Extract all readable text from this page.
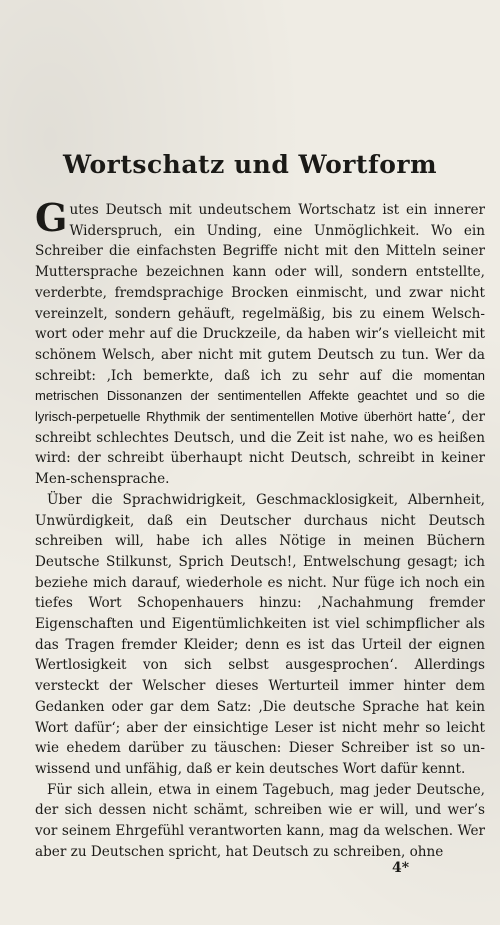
Wortschatz und Wortform

Gutes Deutsch mit undeutschem Wortschatz ist ein innerer Widerspruch, ein Unding, eine Unmöglichkeit. Wo ein Schreiber die einfachsten Begriffe nicht mit den Mitteln seiner Muttersprache bezeichnen kann oder will, sondern entstellte, verderbte, fremdsprachige Brocken einmischt, und zwar nicht vereinzelt, sondern gehäuft, regelmäßig, bis zu einem Welsch-wort oder mehr auf die Druckzeile, da haben wir’s vielleicht mit schönem Welsch, aber nicht mit gutem Deutsch zu tun. Wer da schreibt: ‚Ich bemerkte, daß ich zu sehr auf die momentan metrischen Dissonanzen der sentimentellen Affekte geachtet und so die lyrisch-perpetuelle Rhythmik der sentimentellen Motive überhört hatte‘, der schreibt schlechtes Deutsch, und die Zeit ist nahe, wo es heißen wird: der schreibt überhaupt nicht Deutsch, schreibt in keiner Men-schensprache.

Über die Sprachwidrigkeit, Geschmacklosigkeit, Albernheit, Unwürdigkeit, daß ein Deutscher durchaus nicht Deutsch schreiben will, habe ich alles Nötige in meinen Büchern Deutsche Stilkunst, Sprich Deutsch!, Entwelschung gesagt; ich beziehe mich darauf, wiederhole es nicht. Nur füge ich noch ein tiefes Wort Schopenhauers hinzu: ‚Nachahmung fremder Eigenschaften und Eigentümlichkeiten ist viel schimpflicher als das Tragen fremder Kleider; denn es ist das Urteil der eignen Wertlosigkeit von sich selbst ausgesprochen‘. Allerdings versteckt der Welscher dieses Werturteil immer hinter dem Gedanken oder gar dem Satz: ‚Die deutsche Sprache hat kein Wort dafür‘; aber der einsichtige Leser ist nicht mehr so leicht wie ehedem darüber zu täuschen: Dieser Schreiber ist so un-wissend und unfähig, daß er kein deutsches Wort dafür kennt.

Für sich allein, etwa in einem Tagebuch, mag jeder Deutsche, der sich dessen nicht schämt, schreiben wie er will, und wer’s vor seinem Ehrgefühl verantworten kann, mag da welschen. Wer aber zu Deutschen spricht, hat Deutsch zu schreiben, ohne

4*
